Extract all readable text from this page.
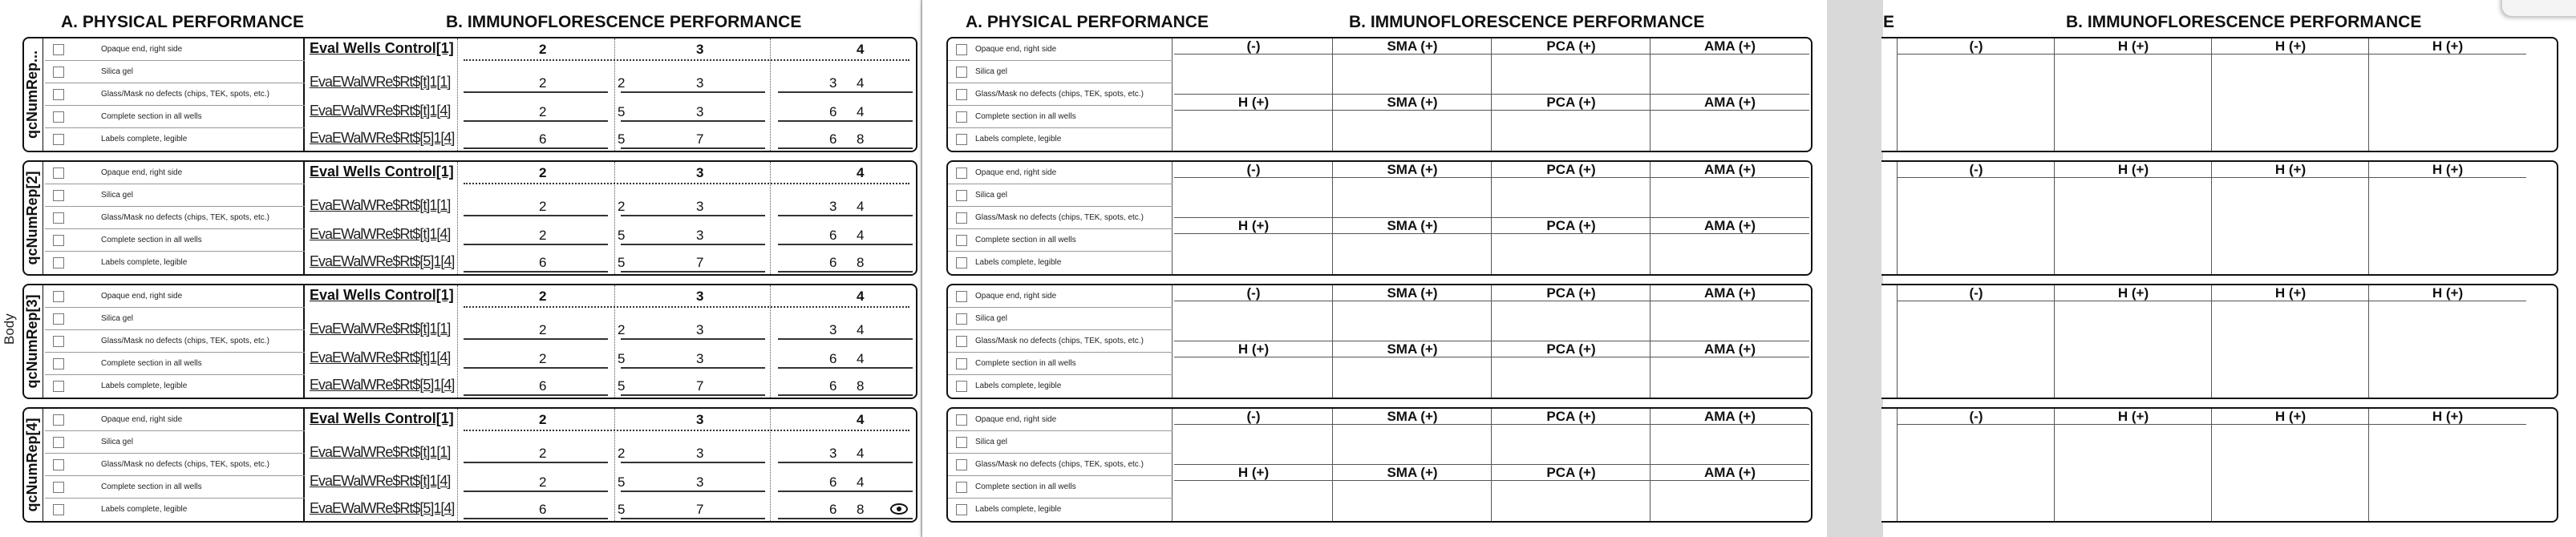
A. PHYSICAL PERFORMANCE	B. IMMUNOFLORESCENCE PERFORMANCE
Body
qcNumRep...
Opaque end, right side
Silica gel
Glass/Mask no defects (chips, TEK, spots, etc.)
Complete section in all wells
Labels complete, legible
Eval Wells Control[1]	2	3	4
EvaEWalWRe$Rt$[t]1[1]	2	2	3	3 4
EvaEWalWRe$Rt$[t]1[4]	2	5	3	6 4
EvaEWalWRe$Rt$[5]1[4]	6	5	7	6 8
qcNumRep[2]	Opaque end, right side
Silica gel
Glass/Mask no defects (chips, TEK, spots, etc.)
Complete section in all wells
Labels complete, legible
Eval Wells Control[1]	2	3	4
EvaEWalWRe$Rt$[t]1[1]	2	2	3	3 4
EvaEWalWRe$Rt$[t]1[4]	2	5	3	6 4
EvaEWalWRe$Rt$[5]1[4]	6	5	7	6 8
qcNumRep[3]	Opaque end, right side
Silica gel
Glass/Mask no defects (chips, TEK, spots, etc.)
Complete section in all wells
Labels complete, legible
Eval Wells Control[1]	2	3	4
EvaEWalWRe$Rt$[t]1[1]	2	2	3	3 4
EvaEWalWRe$Rt$[t]1[4]	2	5	3	6 4
EvaEWalWRe$Rt$[5]1[4]	6	5	7	6 8
qcNumRep[4]	Opaque end, right side
Silica gel
Glass/Mask no defects (chips, TEK, spots, etc.)
Complete section in all wells
Labels complete, legible
Eval Wells Control[1]	2	3	4
EvaEWalWRe$Rt$[t]1[1]	2	2	3	3 4
EvaEWalWRe$Rt$[t]1[4]	2	5	3	6 4
EvaEWalWRe$Rt$[5]1[4]	6	5	7	6 8
A. PHYSICAL PERFORMANCE	B. IMMUNOFLORESCENCE PERFORMANCE
Opaque end, right side
Silica gel
Glass/Mask no defects (chips, TEK, spots, etc.)
Complete section in all wells
Labels complete, legible
(-)	SMA (+)	PCA (+)	AMA (+)
H (+)	SMA (+)	PCA (+)	AMA (+)
Opaque end, right side
Silica gel
Glass/Mask no defects (chips, TEK, spots, etc.)
Complete section in all wells
Labels complete, legible
(-)	SMA (+)	PCA (+)	AMA (+)
H (+)	SMA (+)	PCA (+)	AMA (+)
Opaque end, right side
Silica gel
Glass/Mask no defects (chips, TEK, spots, etc.)
Complete section in all wells
Labels complete, legible
(-)	SMA (+)	PCA (+)	AMA (+)
H (+)	SMA (+)	PCA (+)	AMA (+)
Opaque end, right side
Silica gel
Glass/Mask no defects (chips, TEK, spots, etc.)
Complete section in all wells
Labels complete, legible
(-)	SMA (+)	PCA (+)	AMA (+)
H (+)	SMA (+)	PCA (+)	AMA (+)
E	B. IMMUNOFLORESCENCE PERFORMANCE
(-)	H (+)	H (+)	H (+)
(-)	H (+)	H (+)	H (+)
(-)	H (+)	H (+)	H (+)
(-)	H (+)	H (+)	H (+)
